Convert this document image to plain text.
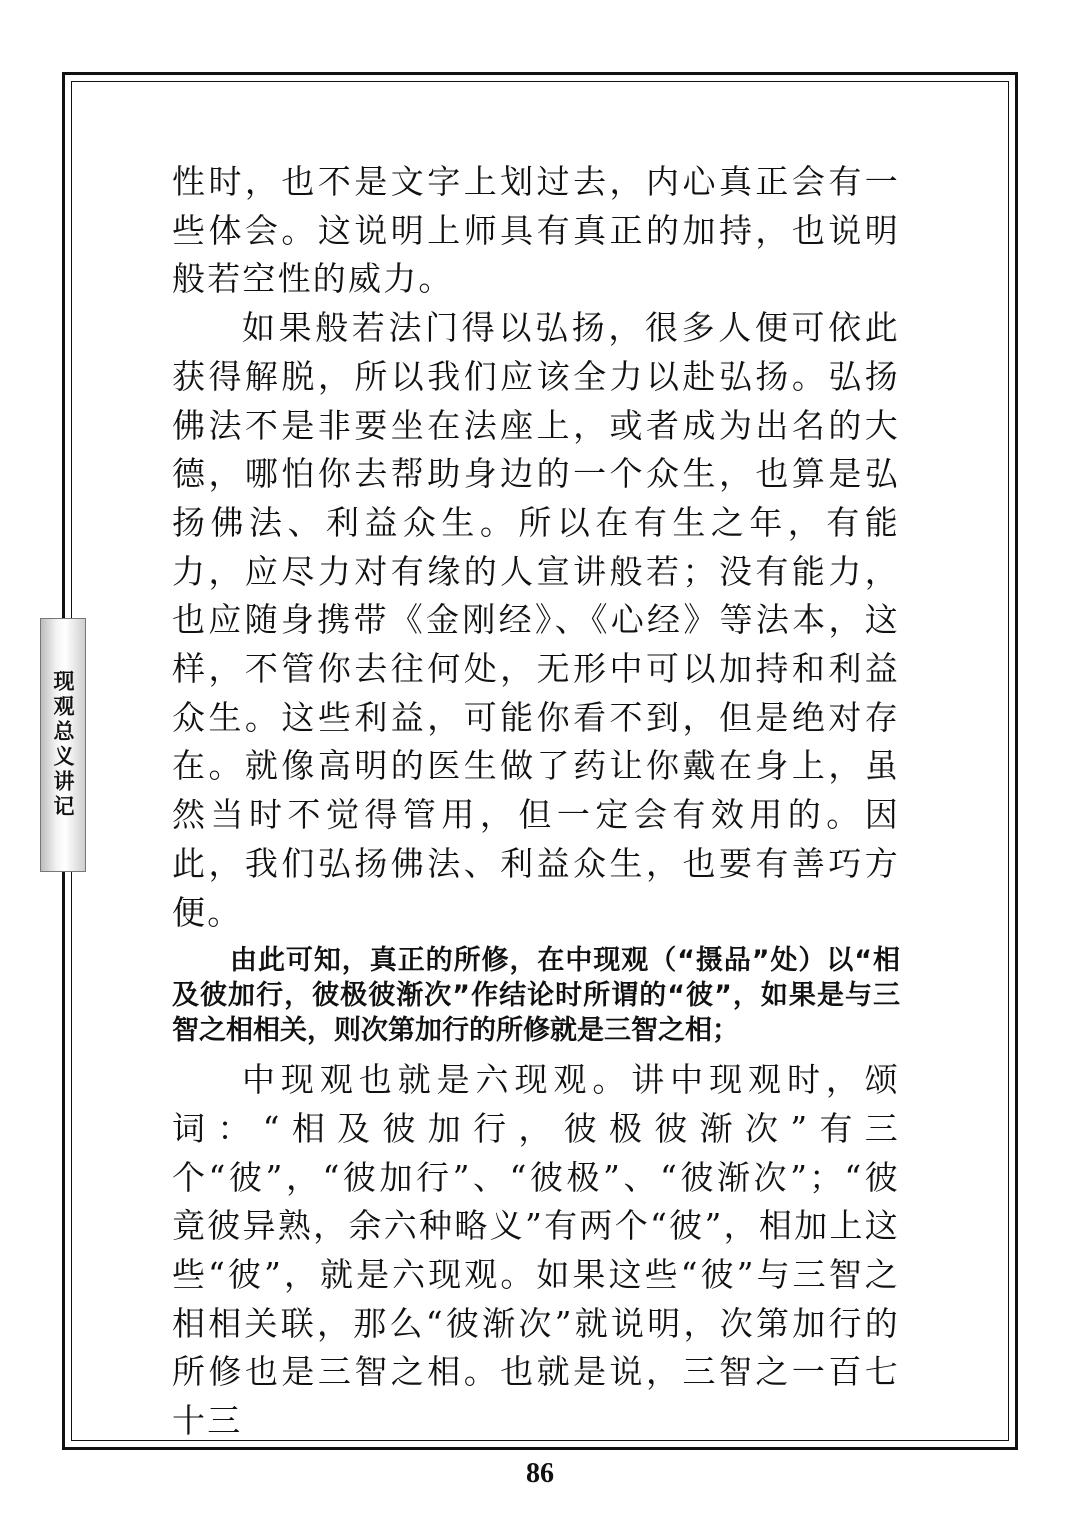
现观总义讲记

性时，也不是文字上划过去，内心真正会有一些体会。这说明上师具有真正的加持，也说明般若空性的威力。

如果般若法门得以弘扬，很多人便可依此获得解脱，所以我们应该全力以赴弘扬。弘扬佛法不是非要坐在法座上，或者成为出名的大德，哪怕你去帮助身边的一个众生，也算是弘扬佛法、利益众生。所以在有生之年，有能力，应尽力对有缘的人宣讲般若；没有能力，也应随身携带《金刚经》、《心经》等法本，这样，不管你去往何处，无形中可以加持和利益众生。这些利益，可能你看不到，但是绝对存在。就像高明的医生做了药让你戴在身上，虽然当时不觉得管用，但一定会有效用的。因此，我们弘扬佛法、利益众生，也要有善巧方便。

由此可知，真正的所修，在中现观（“摄品”处）以“相及彼加行，彼极彼渐次”作结论时所谓的“彼”，如果是与三智之相相关，则次第加行的所修就是三智之相；

中现观也就是六现观。讲中现观时，颂词：“相及彼加行，彼极彼渐次”有三个“彼”，“彼加行”、“彼极”、“彼渐次”；“彼竟彼异熟，余六种略义”有两个“彼”，相加上这些“彼”，就是六现观。如果这些“彼”与三智之相相关联，那么“彼渐次”就说明，次第加行的所修也是三智之相。也就是说，三智之一百七十三

86
